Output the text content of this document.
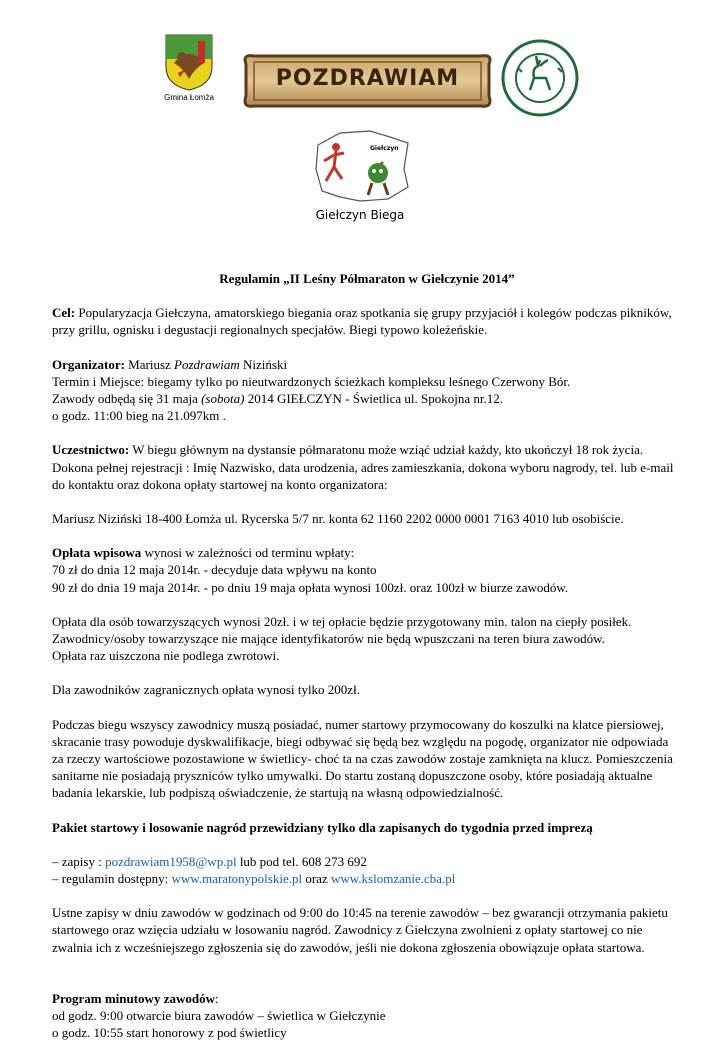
Gmina Łomża
POZDRAWIAM
Giełczyn
Giełczyn Biega

Regulamin „II Leśny Półmaraton w Giełczynie 2014”

Cel: Popularyzacja Giełczyna, amatorskiego biegania oraz spotkania się grupy przyjaciół i kolegów podczas pikników, przy grillu, ognisku i degustacji regionalnych specjałów. Biegi typowo koleżeńskie.

Organizator: Mariusz Pozdrawiam Niziński

Termin i Miejsce: biegamy tylko po nieutwardzonych ścieżkach kompleksu leśnego Czerwony Bór.

Zawody odbędą się 31 maja (sobota) 2014 GIEŁCZYN - Świetlica ul. Spokojna nr.12.

o godz. 11:00 bieg na 21.097km .

Uczestnictwo: W biegu głównym na dystansie półmaratonu może wziąć udział każdy, kto ukończył 18 rok życia. Dokona pełnej rejestracji : Imię Nazwisko, data urodzenia, adres zamieszkania, dokona wyboru nagrody, tel. lub e-mail do kontaktu oraz dokona opłaty startowej na konto organizatora:

Mariusz Niziński 18-400 Łomża ul. Rycerska 5/7 nr. konta 62 1160 2202 0000 0001 7163 4010 lub osobiście.

Opłata wpisowa wynosi w zależności od terminu wpłaty:

70 zł do dnia 12 maja 2014r. - decyduje data wpływu na konto

90 zł do dnia 19 maja 2014r. - po dniu 19 maja opłata wynosi 100zł. oraz 100zł w biurze zawodów.

Opłata dla osób towarzyszących wynosi 20zł. i w tej opłacie będzie przygotowany min. talon na ciepły posiłek.

Zawodnicy/osoby towarzyszące nie mające identyfikatorów nie będą wpuszczani na teren biura zawodów.

Opłata raz uiszczona nie podlega zwrotowi.

Dla zawodników zagranicznych opłata wynosi tylko 200zł.

Podczas biegu wszyscy zawodnicy muszą posiadać, numer startowy przymocowany do koszulki na klatce piersiowej, skracanie trasy powoduje dyskwalifikacje, biegi odbywać się będą bez względu na pogodę, organizator nie odpowiada za rzeczy wartościowe pozostawione w świetlicy- choć ta na czas zawodów zostaje zamknięta na klucz. Pomieszczenia sanitarne nie posiadają pryszniców tylko umywalki. Do startu zostaną dopuszczone osoby, które posiadają aktualne badania lekarskie, lub podpiszą oświadczenie, że startują na własną odpowiedzialność.

Pakiet startowy i losowanie nagród przewidziany tylko dla zapisanych do tygodnia przed imprezą

– zapisy : pozdrawiam1958@wp.pl lub pod tel. 608 273 692

– regulamin dostępny: www.maratonypolskie.pl oraz www.kslomzanie.cba.pl

Ustne zapisy w dniu zawodów w godzinach od 9:00 do 10:45 na terenie zawodów – bez gwarancji otrzymania pakietu startowego oraz wzięcia udziału w losowaniu nagród. Zawodnicy z Giełczyna zwolnieni z opłaty startowej co nie zwalnia ich z wcześniejszego zgłoszenia się do zawodów, jeśli nie dokona zgłoszenia obowiązuje opłata startowa.

Program minutowy zawodów:

od godz. 9:00 otwarcie biura zawodów – świetlica w Giełczynie

o godz. 10:55 start honorowy z pod świetlicy
